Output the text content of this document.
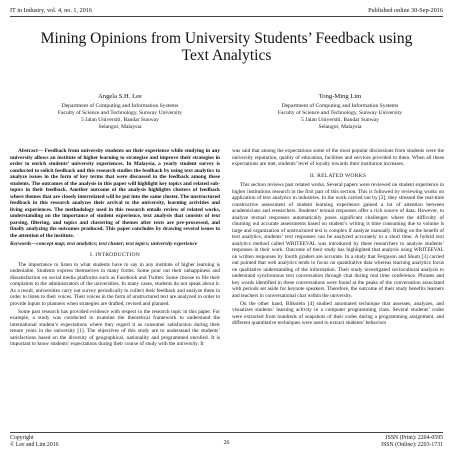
IT in Industry, vol. 4, no. 1, 2016	Published online 30-Sep-2016
Mining Opinions from University Students’ Feedback using Text Analytics
Angela S.H. Lee
Department of Computing and Information Systems
Faculty of Science and Technology, Sunway University
5 Jalan Universiti, Bandar Sunway
Selangor, Malaysia
Tong-Ming Lim
Department of Computing and Information Systems
Faculty of Science and Technology, Sunway University
5 Jalan Universiti, Bandar Sunway
Selangor, Malaysia

Abstract— Feedback from university students on their experience while studying in any university allows an institute of higher learning to strategize and improve their strategies in order to enrich students’ university experiences. In Malaysia, a yearly student survey is conducted to solicit feedback and this research studies the feedback by using text analytics to analyze issues in the form of key terms that were discussed in the feedback among these students. The outcomes of the analysis in this paper will highlight key topics and related sub-topics in their feedback. Another outcome of the analysis highlights clusters of feedback where themes that are closely interrelated will be put into the same cluster. The unstructured feedback in this research analyzes their arrival to the university, learning activities and living experiences. The methodology used in this research entails review of related works, understanding on the importance of student experience, text analysis that consists of text parsing, filtering, and topics and clustering of themes after texts are pre-processed, and finally analyzing the outcomes produced. This paper concludes by drawing several issues to the attention of the institute.

Keywords—concept map; text analytics; text cluster; text topics; university experience

I. INTRODUCTION

The importance to listen to what students have to say in any institute of higher learning is undeniable. Students express themselves in many forms. Some pour out their unhappiness and dissatisfaction on social media platforms such as Facebook and Twitter. Some choose to file their complaints to the administrators of the universities. In many cases, students do not speak about it. As a result, universities carry out survey periodically to collect their feedback and analyze them in order to listen to their voices. Their voices in the form of unstructured text are analyzed in order to provide inputs to planners when strategies are drafted, revised and planned.

Some past research has provided evidence with respect to the research topic in this paper. For example, a study was conducted to examine the theoretical framework to understand the international student’s expectations where they regard it as consumer satisfaction during their tenure years in the university [1]. The objectives of this study are to understand the students’ satisfactions based on the diversity of geographical, nationality and programmed enrolled. It is important to know students’ expectations during their course of study with the university. It

was said that among the expectations some of the most popular discussions from students were the university reputation, quality of education, facilities and services provided to them. When all these expectations are met, students’ level of loyalty towards their institution increases.

II. RELATED WORKS

This section reviews past related works. Several papers were reviewed on student experience in higher institutions research in the first part of this section. This is followed by reviewing works on application of text analytics in industries. In the work carried out by [2], they stressed the real-time constructive assessment of student learning experience gained a lot of attention between academicians and researchers. Students’ textual responses offer a rich source of data. However, to analyze textual responses automatically poses significant challenges where the difficulty of churning out accurate assessments based on student’s writing is time consuming due to volume is large and organization of unstructured text is complex if analyze manually. Riding on the benefit of text analytics, students’ text responses can be analyzed accurately in a short time. A hybrid text analytics method called WRITEEVAL was introduced by these researchers to analyze students’ responses in their work. Outcome of their study has highlighted that analysis using WRITEEVAL on written responses by fourth graders are accurate. In a study that Ferguson and Shum [3] carried out pointed that web analytics tends to focus on quantitative data whereas learning analytics focus on qualitative understanding of the information. Their study investigated sociocultural analysis to understand synchronous text conversation through chat during real time conference. Phrases and key words identified in these conversations were found at the peaks of the conversation associated with periods set aside for keynote speakers. Therefore, the outcome of their study benefits learners and teachers in conversational chat within the university.

On the other hand, Blikstein [4] studied automated technique that assesses, analyzes, and visualizes students’ learning activity in a computer programming class. Several students’ codes were extracted from hundreds of snapshots of their codes during a programming assignment, and different quantitative techniques were used to extract students’ behaviors

Copyright
© Lee and Lim 2016	26
ISSN (Print): 2204-0595
ISSN (Online): 2203-1731
